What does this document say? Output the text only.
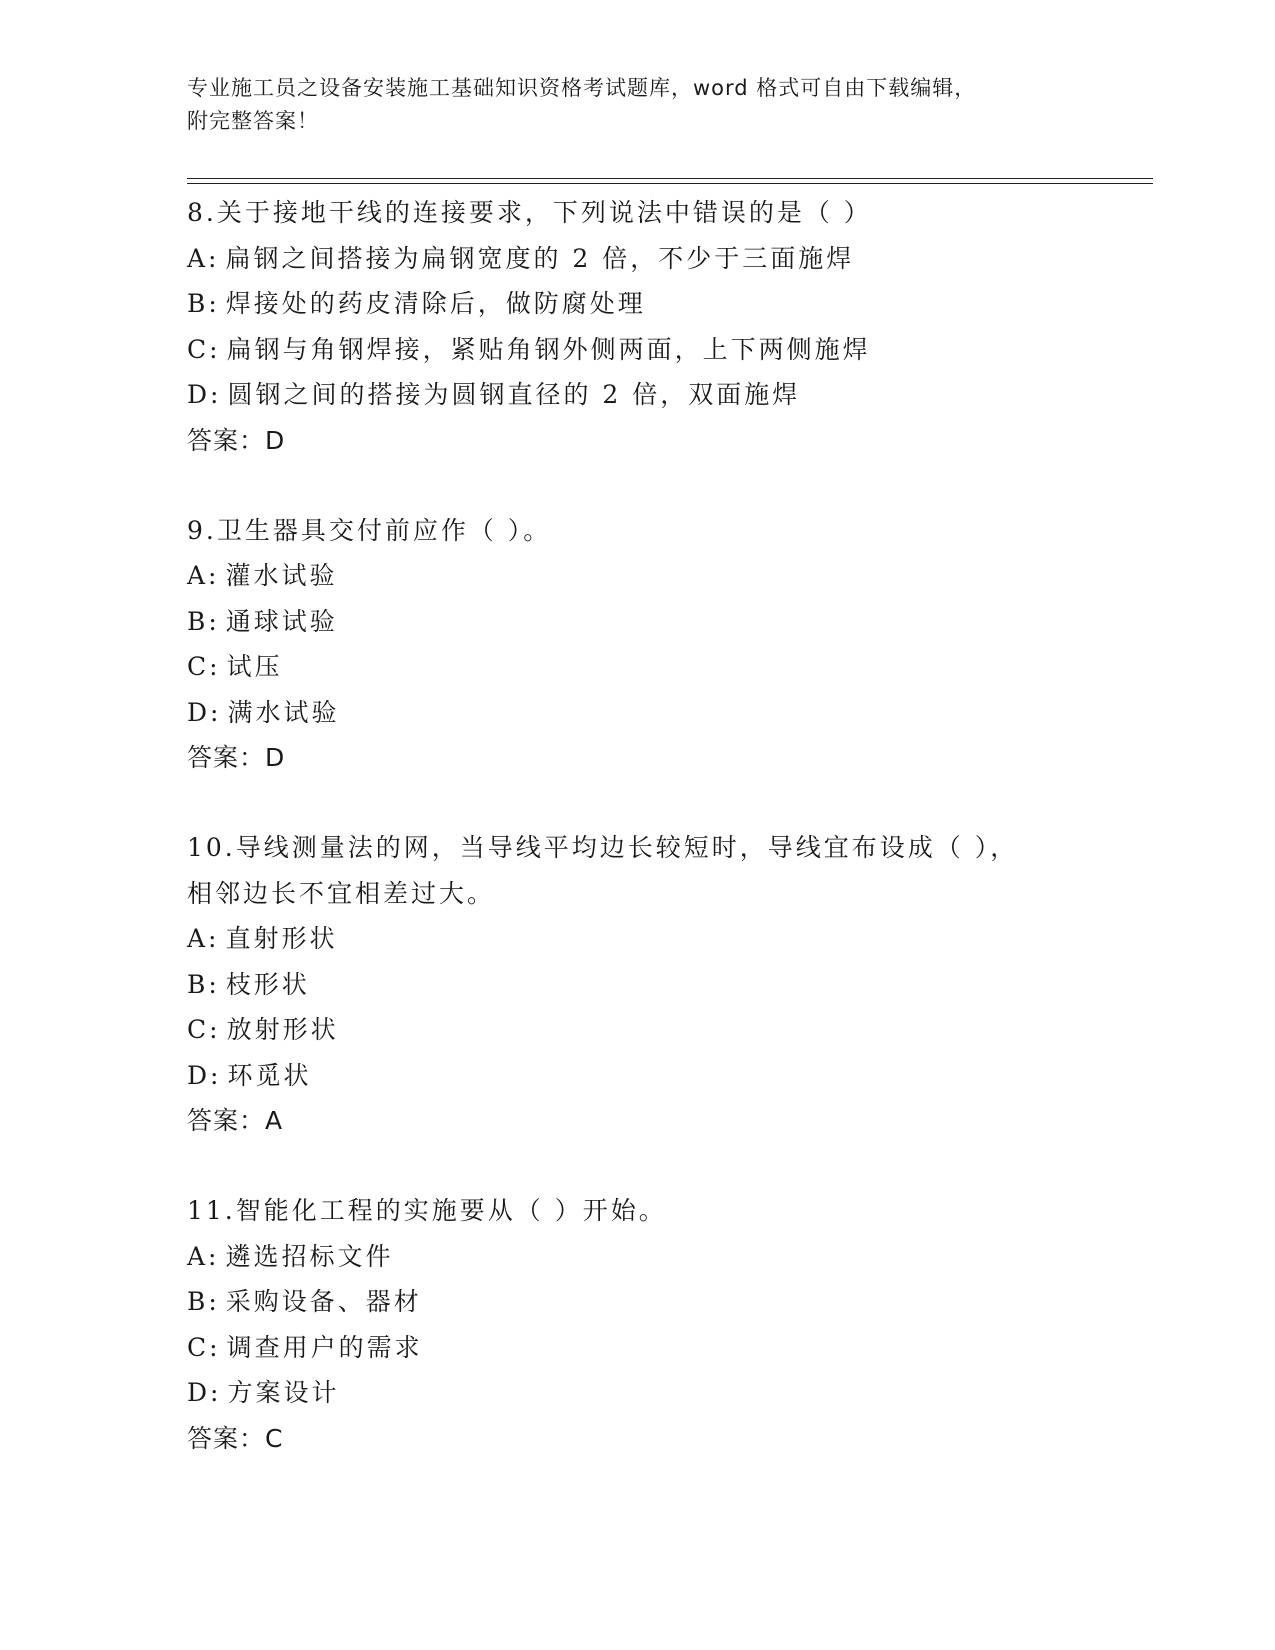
专业施工员之设备安装施工基础知识资格考试题库，word 格式可自由下载编辑，
附完整答案！
8.关于接地干线的连接要求，下列说法中错误的是（ ）
A: 扁钢之间搭接为扁钢宽度的 2 倍，不少于三面施焊
B: 焊接处的药皮清除后，做防腐处理
C: 扁钢与角钢焊接，紧贴角钢外侧两面，上下两侧施焊
D: 圆钢之间的搭接为圆钢直径的 2 倍，双面施焊
答案：D
9.卫生器具交付前应作（ ）。
A: 灌水试验
B: 通球试验
C: 试压
D: 满水试验
答案：D
10.导线测量法的网，当导线平均边长较短时，导线宜布设成（ ），
相邻边长不宜相差过大。
A: 直射形状
B: 枝形状
C: 放射形状
D: 环觅状
答案：A
11.智能化工程的实施要从（ ）开始。
A: 遴选招标文件
B: 采购设备、器材
C: 调查用户的需求
D: 方案设计
答案：C
